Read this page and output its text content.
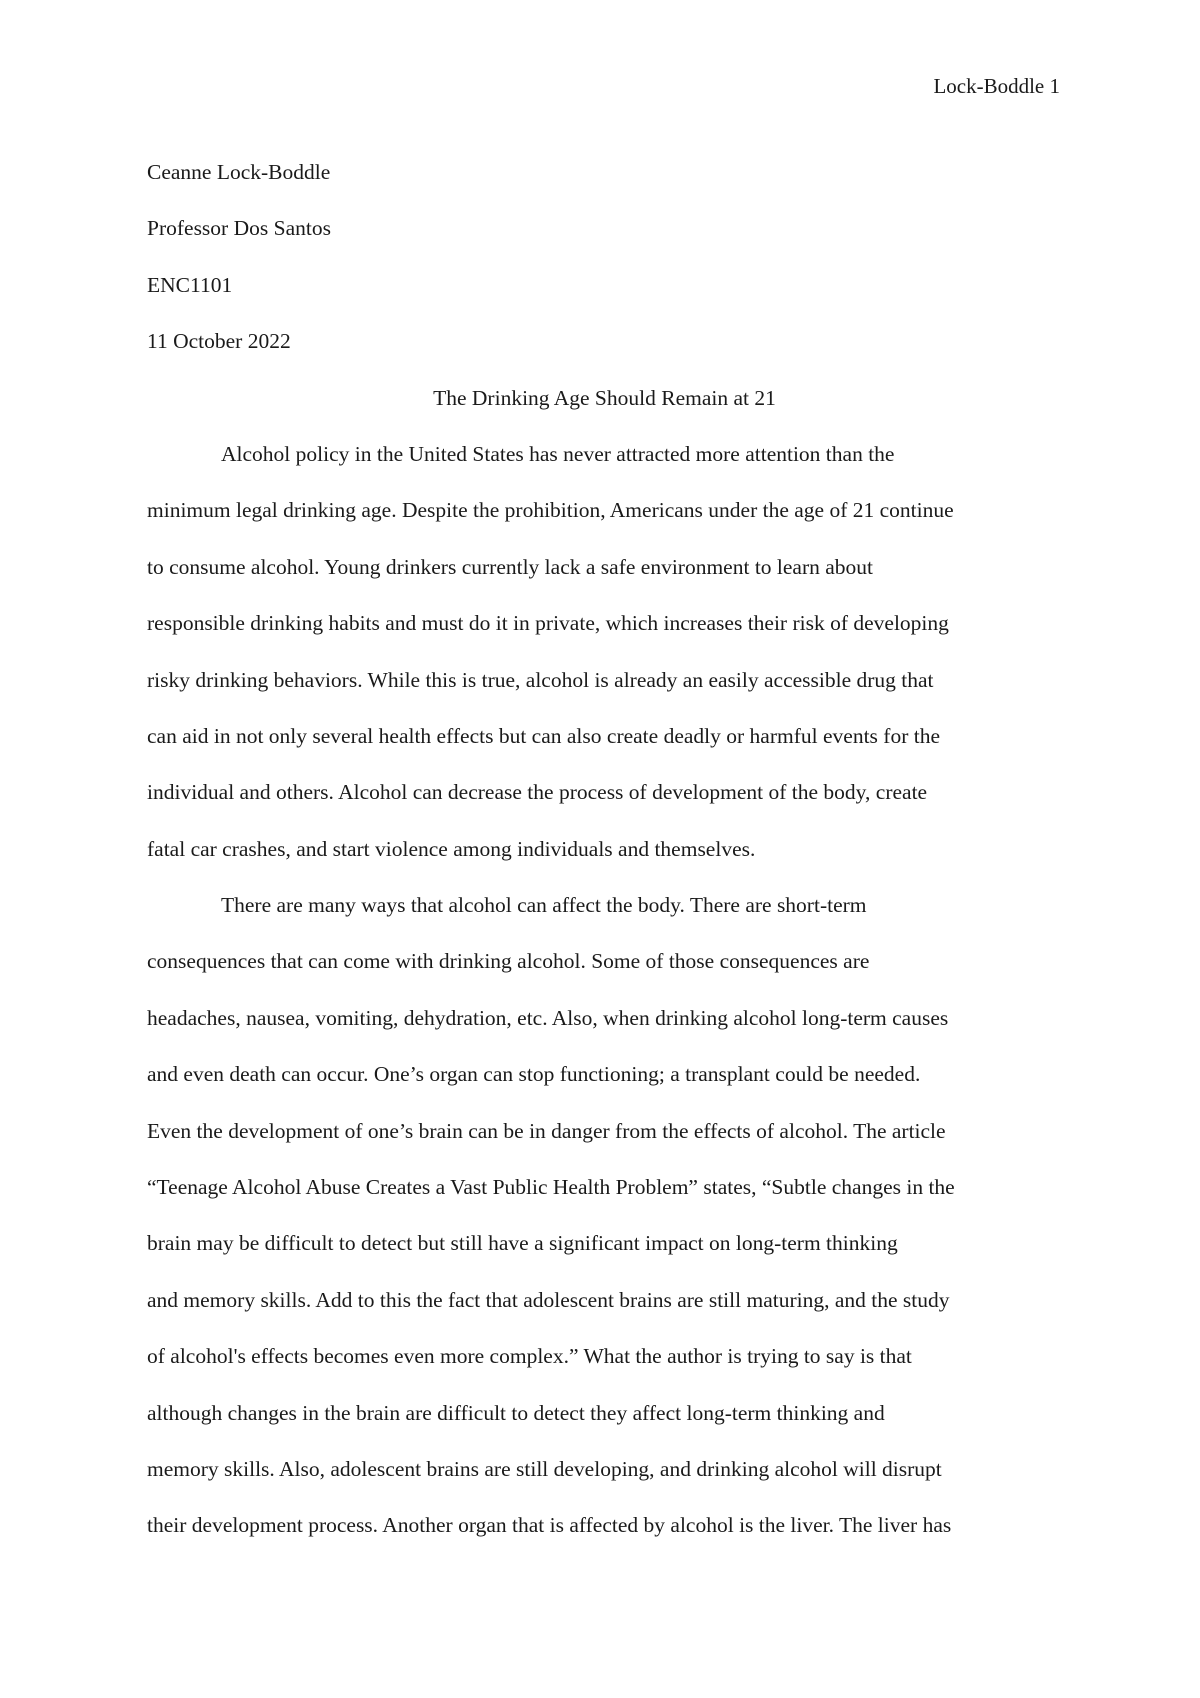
Lock-Boddle 1
Ceanne Lock-Boddle
Professor Dos Santos
ENC1101
11 October 2022
The Drinking Age Should Remain at 21
Alcohol policy in the United States has never attracted more attention than the
minimum legal drinking age. Despite the prohibition, Americans under the age of 21 continue
to consume alcohol. Young drinkers currently lack a safe environment to learn about
responsible drinking habits and must do it in private, which increases their risk of developing
risky drinking behaviors. While this is true, alcohol is already an easily accessible drug that
can aid in not only several health effects but can also create deadly or harmful events for the
individual and others. Alcohol can decrease the process of development of the body, create
fatal car crashes, and start violence among individuals and themselves.
There are many ways that alcohol can affect the body. There are short-term
consequences that can come with drinking alcohol. Some of those consequences are
headaches, nausea, vomiting, dehydration, etc. Also, when drinking alcohol long-term causes
and even death can occur. One’s organ can stop functioning; a transplant could be needed.
Even the development of one’s brain can be in danger from the effects of alcohol. The article
“Teenage Alcohol Abuse Creates a Vast Public Health Problem” states, “Subtle changes in the
brain may be difficult to detect but still have a significant impact on long-term thinking
and memory skills. Add to this the fact that adolescent brains are still maturing, and the study
of alcohol's effects becomes even more complex.” What the author is trying to say is that
although changes in the brain are difficult to detect they affect long-term thinking and
memory skills. Also, adolescent brains are still developing, and drinking alcohol will disrupt
their development process. Another organ that is affected by alcohol is the liver. The liver has
